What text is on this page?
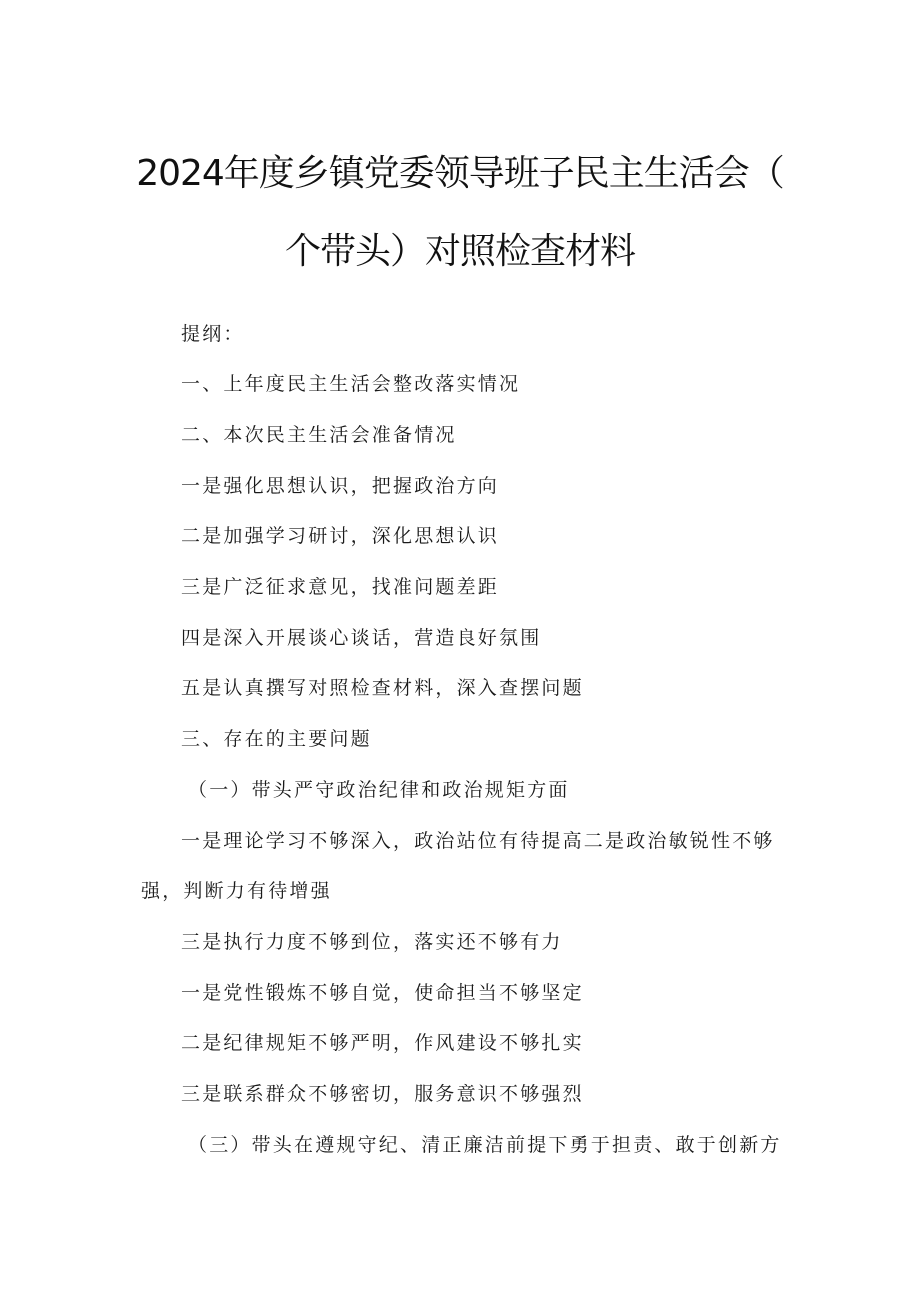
2024年度乡镇党委领导班子民主生活会（
个带头）对照检查材料
提纲：
一、上年度民主生活会整改落实情况
二、本次民主生活会准备情况
一是强化思想认识，把握政治方向
二是加强学习研讨，深化思想认识
三是广泛征求意见，找准问题差距
四是深入开展谈心谈话，营造良好氛围
五是认真撰写对照检查材料，深入查摆问题
三、存在的主要问题
（一）带头严守政治纪律和政治规矩方面
一是理论学习不够深入，政治站位有待提高二是政治敏锐性不够
强，判断力有待增强
三是执行力度不够到位，落实还不够有力
一是党性锻炼不够自觉，使命担当不够坚定
二是纪律规矩不够严明，作风建设不够扎实
三是联系群众不够密切，服务意识不够强烈
（三）带头在遵规守纪、清正廉洁前提下勇于担责、敢于创新方
